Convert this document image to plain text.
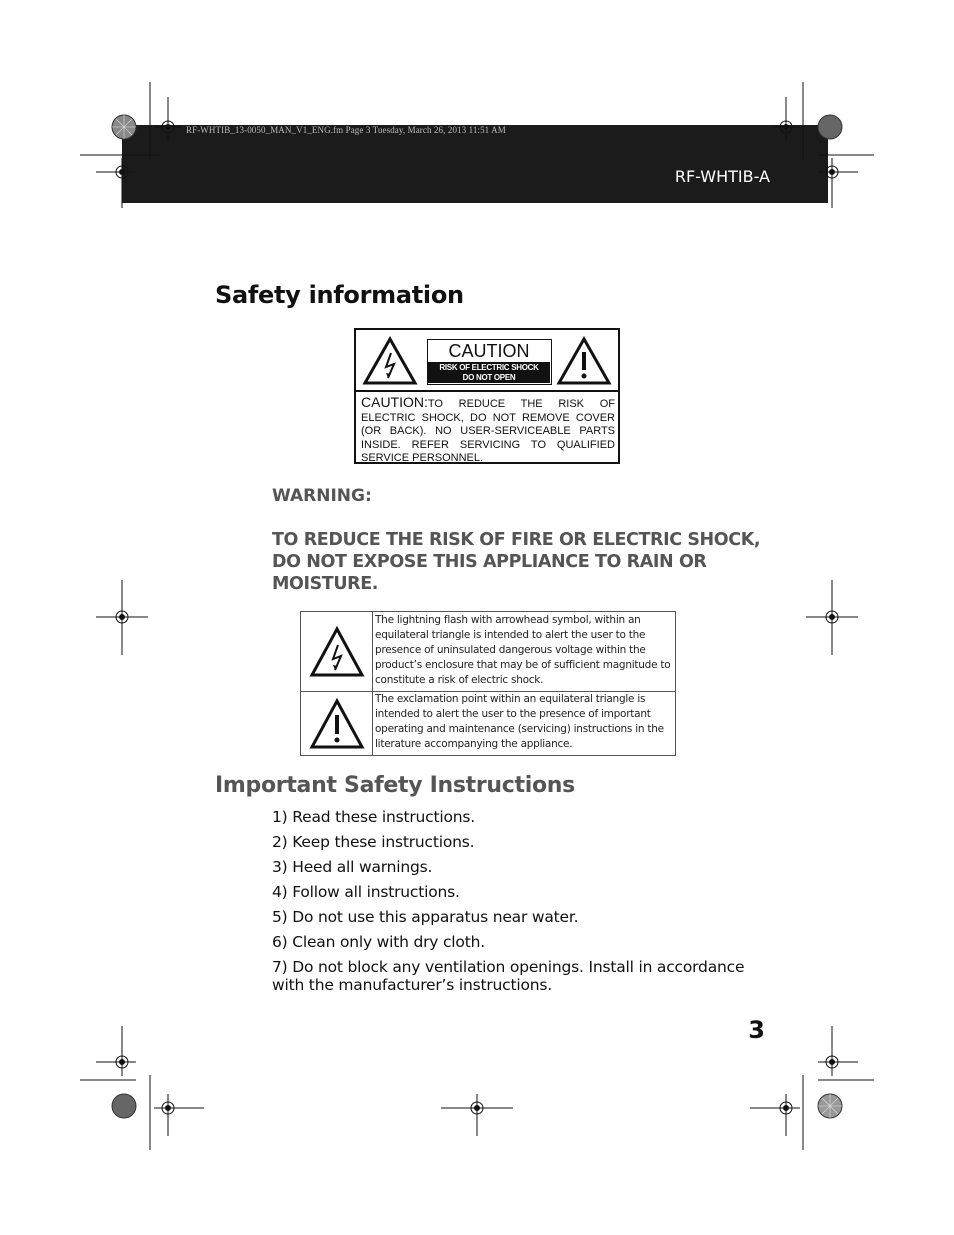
RF-WHTIB_13-0050_MAN_V1_ENG.fm Page 3 Tuesday, March 26, 2013 11:51 AM
RF-WHTIB-A
Safety information
CAUTION
RISK OF ELECTRIC SHOCK
DO NOT OPEN
CAUTION:TO REDUCE THE RISK OF ELECTRIC SHOCK, DO NOT REMOVE COVER (OR BACK). NO USER-SERVICEABLE PARTS INSIDE. REFER SERVICING TO QUALIFIED SERVICE PERSONNEL.
WARNING:
TO REDUCE THE RISK OF FIRE OR ELECTRIC SHOCK, DO NOT EXPOSE THIS APPLIANCE TO RAIN OR MOISTURE.
The lightning flash with arrowhead symbol, within an equilateral triangle is intended to alert the user to the presence of uninsulated dangerous voltage within the product’s enclosure that may be of sufficient magnitude to constitute a risk of electric shock.
The exclamation point within an equilateral triangle is intended to alert the user to the presence of important operating and maintenance (servicing) instructions in the literature accompanying the appliance.
Important Safety Instructions
1) Read these instructions.
2) Keep these instructions.
3) Heed all warnings.
4) Follow all instructions.
5) Do not use this apparatus near water.
6) Clean only with dry cloth.
7) Do not block any ventilation openings. Install in accordance with the manufacturer’s instructions.
3
